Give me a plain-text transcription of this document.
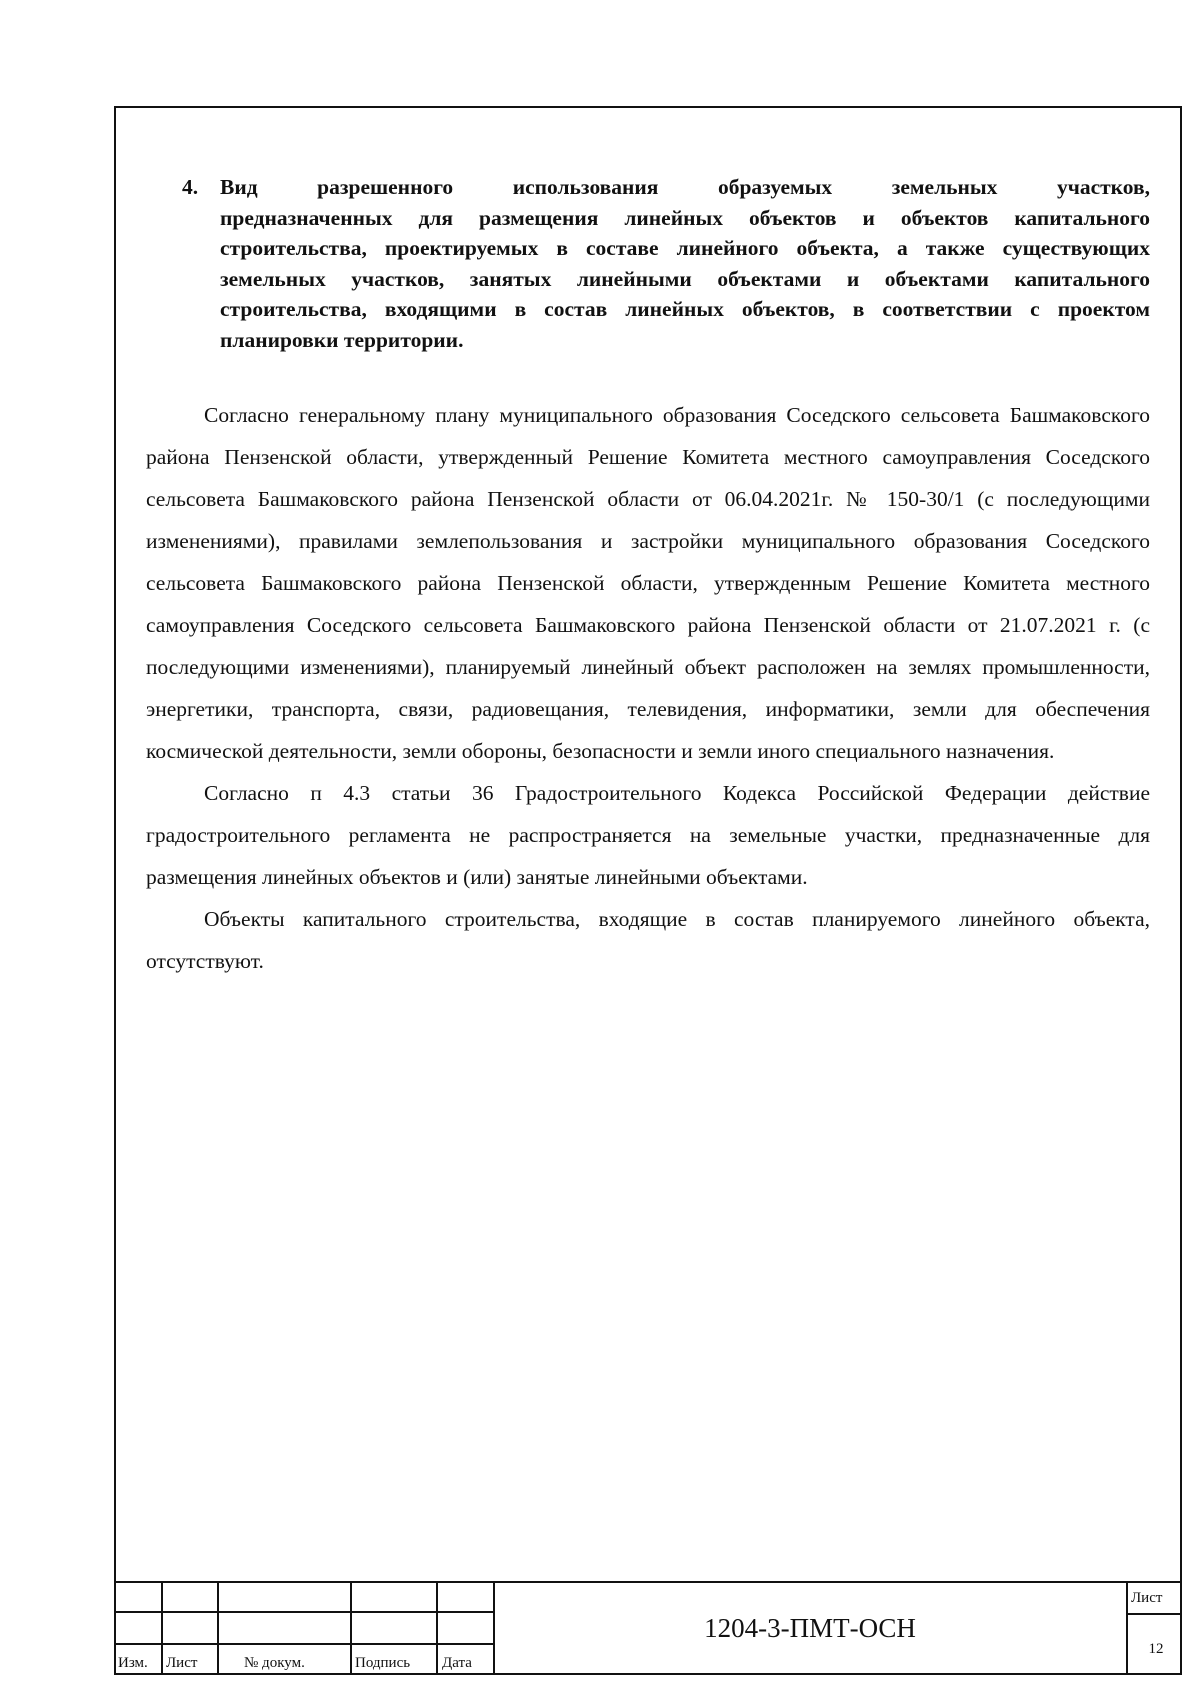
4.	Вид разрешенного использования образуемых земельных участков,
предназначенных для размещения линейных объектов и объектов капитального строительства, проектируемых в составе линейного объекта, а также существующих земельных участков, занятых линейными объектами и объектами капитального строительства, входящими в состав линейных объектов, в соответствии с проектом планировки территории.

Согласно генеральному плану муниципального образования Соседского сельсовета Башмаковского района Пензенской области, утвержденный Решение Комитета местного самоуправления Соседского сельсовета Башмаковского района Пензенской области от 06.04.2021г. № 150-30/1 (с последующими изменениями), правилами землепользования и застройки муниципального образования Соседского сельсовета Башмаковского района Пензенской области, утвержденным Решение Комитета местного самоуправления Соседского сельсовета Башмаковского района Пензенской области от 21.07.2021 г. (с последующими изменениями), планируемый линейный объект расположен на землях промышленности, энергетики, транспорта, связи, радиовещания, телевидения, информатики, земли для обеспечения космической деятельности, земли обороны, безопасности и земли иного специального назначения.

Согласно п 4.3 статьи 36 Градостроительного Кодекса Российской Федерации действие градостроительного регламента не распространяется на земельные участки, предназначенные для размещения линейных объектов и (или) занятые линейными объектами.

Объекты капитального строительства, входящие в состав планируемого линейного объекта, отсутствуют.

Изм. Лист	№ докум.	Подпись Дата
1204-3-ПМТ-ОСН
Лист
12
